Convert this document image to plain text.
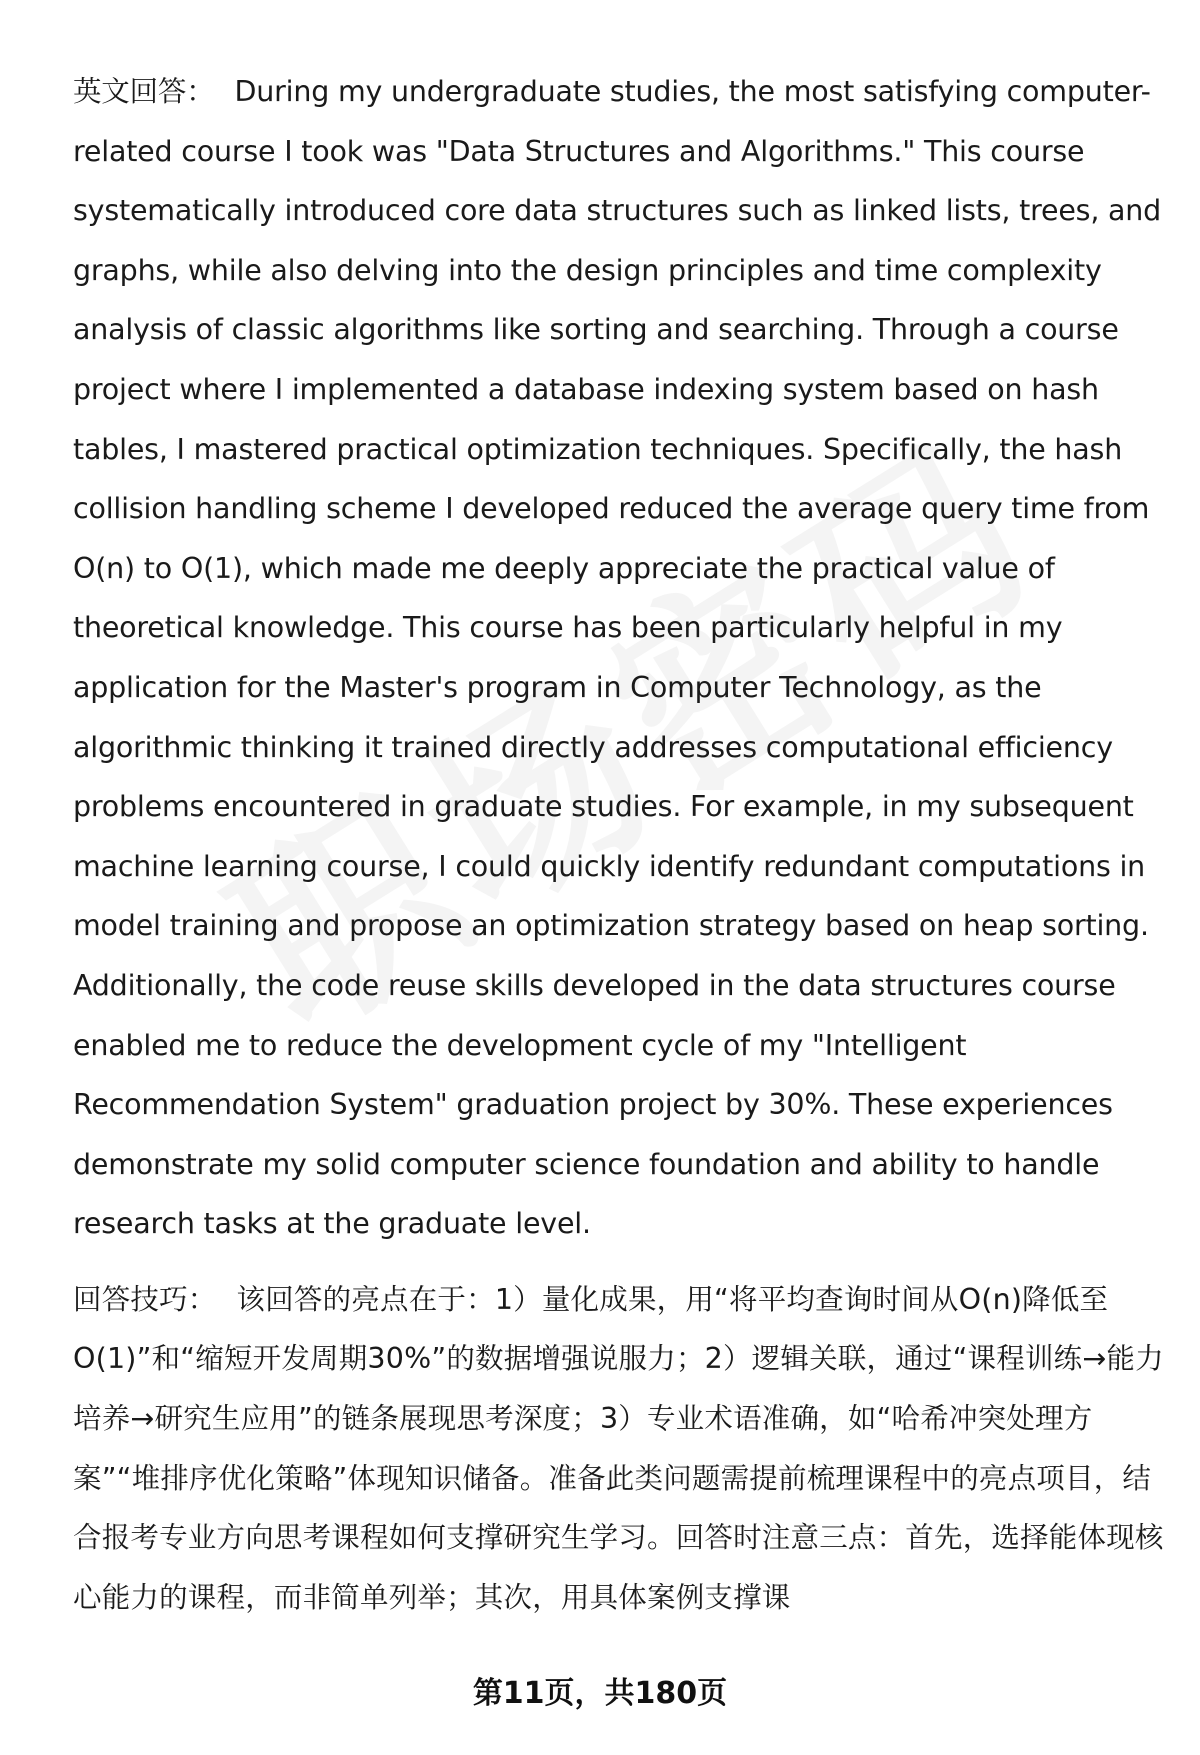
英文回答： During my undergraduate studies, the most satisfying computer-related course I took was "Data Structures and Algorithms." This course systematically introduced core data structures such as linked lists, trees, and graphs, while also delving into the design principles and time complexity analysis of classic algorithms like sorting and searching. Through a course project where I implemented a database indexing system based on hash tables, I mastered practical optimization techniques. Specifically, the hash collision handling scheme I developed reduced the average query time from O(n) to O(1), which made me deeply appreciate the practical value of theoretical knowledge. This course has been particularly helpful in my application for the Master's program in Computer Technology, as the algorithmic thinking it trained directly addresses computational efficiency problems encountered in graduate studies. For example, in my subsequent machine learning course, I could quickly identify redundant computations in model training and propose an optimization strategy based on heap sorting. Additionally, the code reuse skills developed in the data structures course enabled me to reduce the development cycle of my "Intelligent Recommendation System" graduation project by 30%. These experiences demonstrate my solid computer science foundation and ability to handle research tasks at the graduate level.

回答技巧： 该回答的亮点在于：1）量化成果，用“将平均查询时间从O(n)降低至O(1)”和“缩短开发周期30%”的数据增强说服力；2）逻辑关联，通过“课程训练→能力培养→研究生应用”的链条展现思考深度；3）专业术语准确，如“哈希冲突处理方案”“堆排序优化策略”体现知识储备。准备此类问题需提前梳理课程中的亮点项目，结合报考专业方向思考课程如何支撑研究生学习。回答时注意三点：首先，选择能体现核心能力的课程，而非简单列举；其次，用具体案例支撑课

第11页，共180页
